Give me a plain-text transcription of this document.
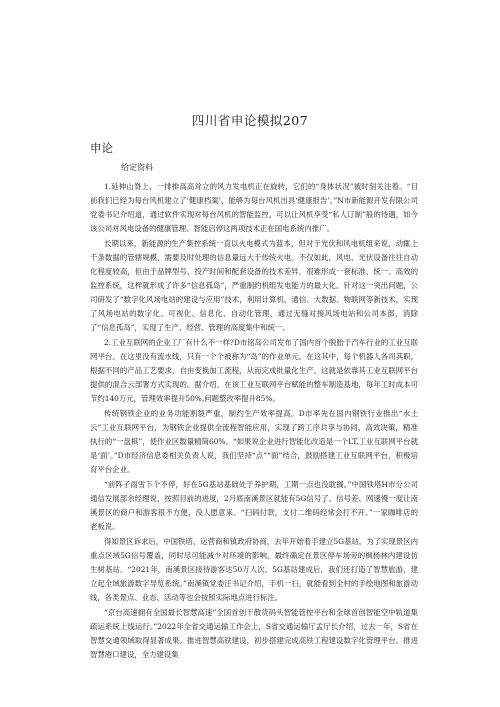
四川省申论模拟207
申论
给定资料

1.延伸山脊上，一排排高高耸立的风力发电机正在旋转，它们的“身体状况”被时刻关注着。“目前我们已经为每台风机建立了‘健康档案’，能够为每台风机出具‘健康报告’。”N市新能源开发有限公司党委书记介绍道，通过软件实现对每台风机的智能监控，可以让风机享受“私人订制”般的待遇，如今该公司对风电设备的健康管理、智能启停这两项技术正在国电系统内推广。

长期以来，新能源的生产集控系统一直以火电模式为蓝本，但对于光伏和风电机组来说，动辄上千条数据的管辖规模，需要及时处理的信息量远大于传统火电。不仅如此，风电、光伏设备往往自动化程度较高，但由于品牌型号、投产时间和配套设备的技术差异，很难形成一套标准、统一、高效的监控系统，这样就形成了许多“信息孤岛”，严重制约机组发电能力的最大化。针对这一突出问题，公司研发了“数字化风场电站的建设与应用”技术，利用计算机、通信、大数据、物联网等新技术，实现了风场电站的数字化、可视化、信息化、自动化管理，通过无缝对接风场电站和公司本部，消除了“信息孤岛”，实现了生产、经营、管理的高度集中和统一。

2.工业互联网的企业工厂有什么不一样?D市铭岛公司发布了国内首个脱胎于汽车行业的工业互联网平台。在这里没有流水线，只有一个个被称为“岛”的作业单元。在这其中，每个机器人各司其职，根据不同的产品工艺要求，自由变换加工流程，从而完成批量化生产。这就是依靠其工业互联网平台提供的混合云部署方式实现的。据介绍，在该工业互联网平台赋能的整车制造基地，每年工时成本可节约140万元，管理效率提升50%,问题整改率提升85%。

传统钢铁企业的业务功能割裂严重，制约生产效率提高。D市率先在国内钢铁行业推出“水土云”工业互联网平台，为钢铁企业提供全流程智能应用，实现了跨工序共享与协同，高效决策，精准执行的“一盘棋”，使作业区数量精简60%。“如果说企业进行智能化改造是一个LT,工业互联网平台就是‘面’。”D市经济信息委相关负责人说，我们坚持“点”“面”结合，鼓励搭建工业互联网平台，积极培育平台企业。

“前阵子雨雪下个不停，好在5G基站基础处于养护期，工期一点也没耽搁。”中国铁塔H市分公司通信发展部余经理说，按照目前的进度，2月底南溪景区就能有5G信号了。信号差、网速慢一度让南溪景区的商户和游客很不方便，没人愿意来。“扫码付款，支付二维码经常会打不开。”一家咖啡店的老板说。

得知景区诉求后，中国铁塔、运营商和镇政府协商，去年开始着手建立5G基站。为了实现景区内重点区域5G信号覆盖，同时尽可能减少对环境的影响，最终确定在景区停车场旁的枫杨林内建设仿生树基站。“2021年，南溪景区接待游客达50万人次。5G基站建成后，我们还打造了智慧旅游，建立起全域旅游数字导览系统。”南溪镇党委汪书记介绍，手机一扫，就能看到全村的手绘地图和旅游动线，各类景点、业态、活动等也会按照实际地点进行标注。

“京台高速拥有全国最长智慧高速”全国首创干散货码头智能管控平台和全球首创智能空中轨道集疏运系统上线运行。”2022年全省交通运输工作会上，S省交通运输厅孟厅长介绍，过去一年，S省在智慧交通领域取得显著成果。推进智慧高铁建设，初步搭建完成高铁工程建设数字化管理平台。推进智慧港口建设，全力建设集
